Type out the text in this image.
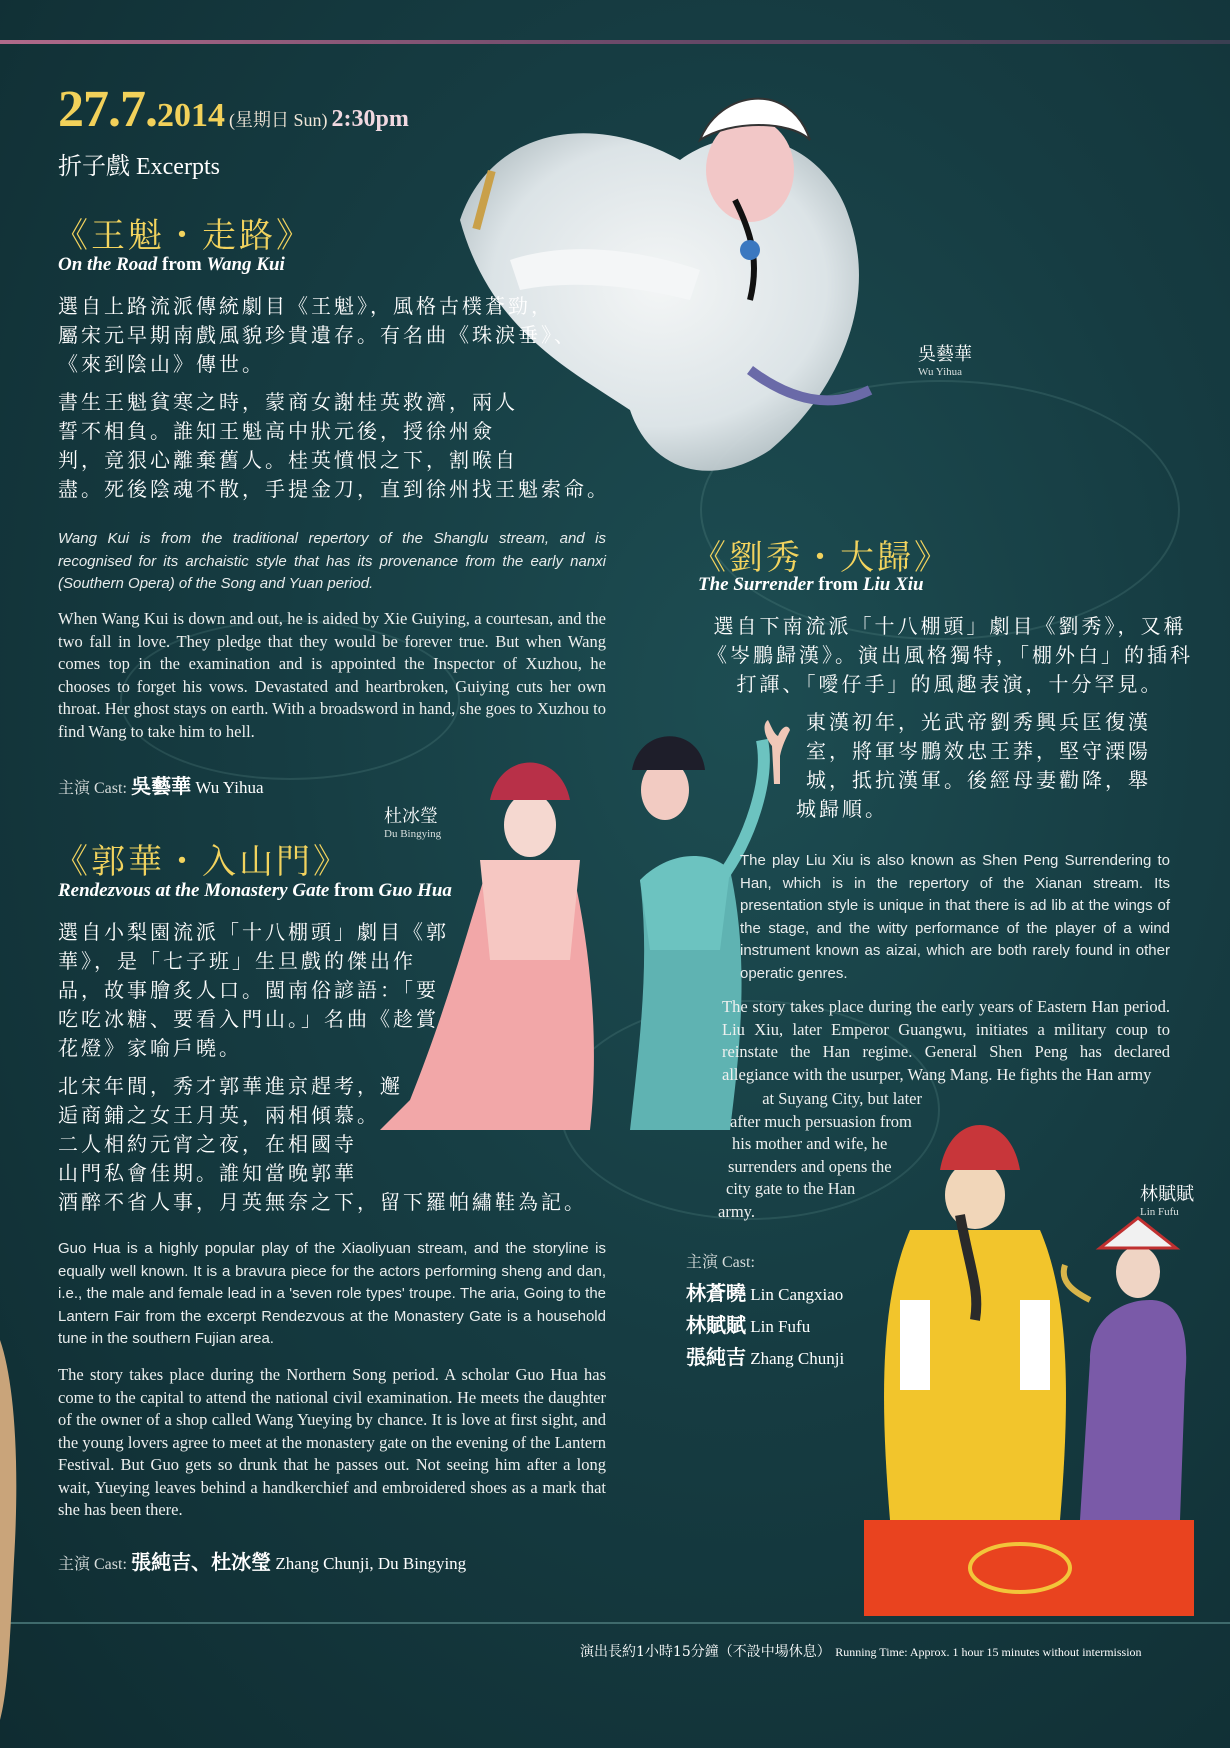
27.7.2014 (星期日 Sun) 2:30pm
折子戲 Excerpts
吳藝華
Wu Yihua
《王魁・走路》
On the Road from Wang Kui
選自上路流派傳統劇目《王魁》，風格古樸蒼勁，
屬宋元早期南戲風貌珍貴遺存。有名曲《珠淚垂》、
《來到陰山》傳世。
書生王魁貧寒之時，蒙商女謝桂英救濟，兩人
誓不相負。誰知王魁高中狀元後，授徐州僉
判，竟狠心離棄舊人。桂英憤恨之下，割喉自
盡。死後陰魂不散，手提金刀，直到徐州找王魁索命。
Wang Kui is from the traditional repertory of the Shanglu stream, and is recognised for its archaistic style that has its provenance from the early nanxi (Southern Opera) of the Song and Yuan period.
When Wang Kui is down and out, he is aided by Xie Guiying, a courtesan, and the two fall in love. They pledge that they would be forever true. But when Wang comes top in the examination and is appointed the Inspector of Xuzhou, he chooses to forget his vows. Devastated and heartbroken, Guiying cuts her own throat. Her ghost stays on earth. With a broadsword in hand, she goes to Xuzhou to find Wang to take him to hell.
主演 Cast: 吳藝華 Wu Yihua
杜冰瑩
Du Bingying
《郭華・入山門》
Rendezvous at the Monastery Gate from Guo Hua
選自小梨園流派「十八棚頭」劇目《郭
華》，是「七子班」生旦戲的傑出作
品，故事膾炙人口。閩南俗諺語：「要
吃吃冰糖、要看入門山。」名曲《趁賞
花燈》家喻戶曉。
北宋年間，秀才郭華進京趕考，邂
逅商鋪之女王月英，兩相傾慕。
二人相約元宵之夜，在相國寺
山門私會佳期。誰知當晚郭華
酒醉不省人事，月英無奈之下，留下羅帕繡鞋為記。
Guo Hua is a highly popular play of the Xiaoliyuan stream, and the storyline is equally well known. It is a bravura piece for the actors performing sheng and dan, i.e., the male and female lead in a 'seven role types' troupe. The aria, Going to the Lantern Fair from the excerpt Rendezvous at the Monastery Gate is a household tune in the southern Fujian area.
The story takes place during the Northern Song period. A scholar Guo Hua has come to the capital to attend the national civil examination. He meets the daughter of the owner of a shop called Wang Yueying by chance. It is love at first sight, and the young lovers agree to meet at the monastery gate on the evening of the Lantern Festival. But Guo gets so drunk that he passes out. Not seeing him after a long wait, Yueying leaves behind a handkerchief and embroidered shoes as a mark that she has been there.
主演 Cast: 張純吉、杜冰瑩 Zhang Chunji, Du Bingying
《劉秀・大歸》
The Surrender from Liu Xiu
選自下南流派「十八棚頭」劇目《劉秀》，又稱
《岑鵬歸漢》。演出風格獨特，「棚外白」的插科
打諢、「噯仔手」的風趣表演，十分罕見。
東漢初年，光武帝劉秀興兵匡復漢
室，將軍岑鵬效忠王莽，堅守溧陽
城，抵抗漢軍。後經母妻勸降，舉
城歸順。
The play Liu Xiu is also known as Shen Peng Surrendering to Han, which is in the repertory of the Xianan stream. Its presentation style is unique in that there is ad lib at the wings of the stage, and the witty performance of the player of a wind instrument known as aizai, which are both rarely found in other operatic genres.
The story takes place during the early years of Eastern Han period. Liu Xiu, later Emperor Guangwu, initiates a military coup to reinstate the Han regime. General Shen Peng has declared allegiance with the usurper, Wang Mang. He fights the Han army
at Suyang City, but later
after much persuasion from
his mother and wife, he
surrenders and opens the
city gate to the Han
army.
主演 Cast:
林蒼曉 Lin Cangxiao
林賦賦 Lin Fufu
張純吉 Zhang Chunji
林賦賦
Lin Fufu
演出長約1小時15分鐘（不設中場休息） Running Time: Approx. 1 hour 15 minutes without intermission
